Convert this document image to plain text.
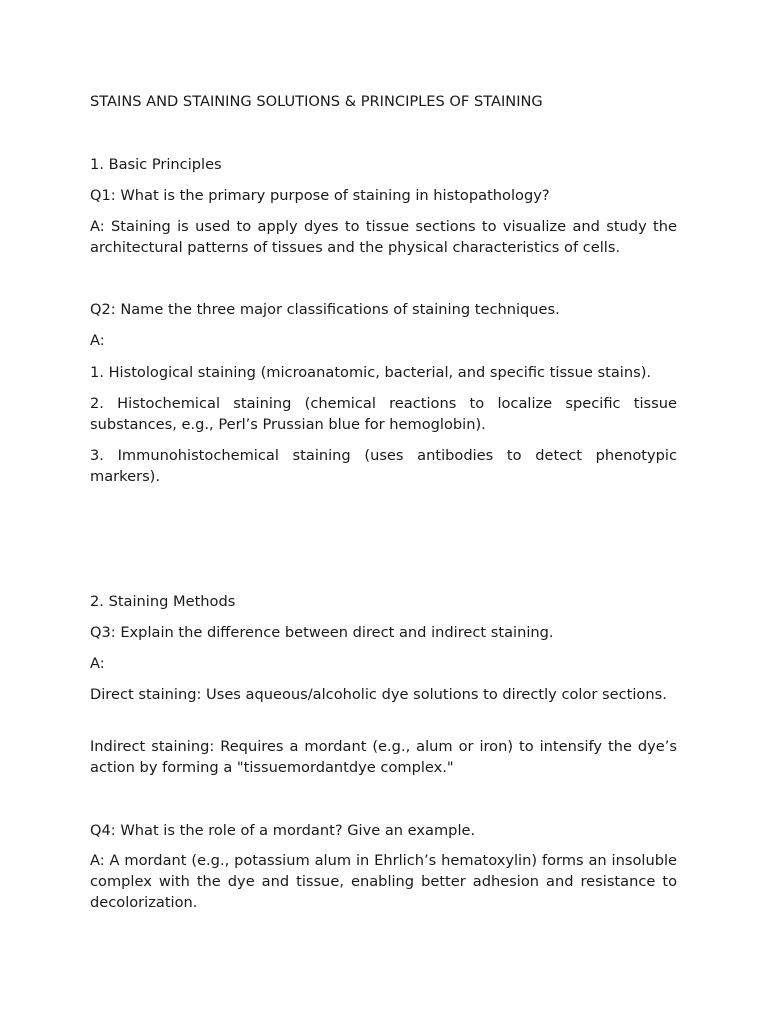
STAINS AND STAINING SOLUTIONS & PRINCIPLES OF STAINING

1. Basic Principles

Q1: What is the primary purpose of staining in histopathology?

A: Staining is used to apply dyes to tissue sections to visualize and study the architectural patterns of tissues and the physical characteristics of cells.

Q2: Name the three major classifications of staining techniques.

A:

1. Histological staining (microanatomic, bacterial, and specific tissue stains).

2. Histochemical staining (chemical reactions to localize specific tissue substances, e.g., Perl’s Prussian blue for hemoglobin).

3. Immunohistochemical staining (uses antibodies to detect phenotypic markers).

2. Staining Methods

Q3: Explain the difference between direct and indirect staining.

A:

Direct staining: Uses aqueous/alcoholic dye solutions to directly color sections.

Indirect staining: Requires a mordant (e.g., alum or iron) to intensify the dye’s action by forming a "tissuemordantdye complex."

Q4: What is the role of a mordant? Give an example.

A: A mordant (e.g., potassium alum in Ehrlich’s hematoxylin) forms an insoluble complex with the dye and tissue, enabling better adhesion and resistance to decolorization.
